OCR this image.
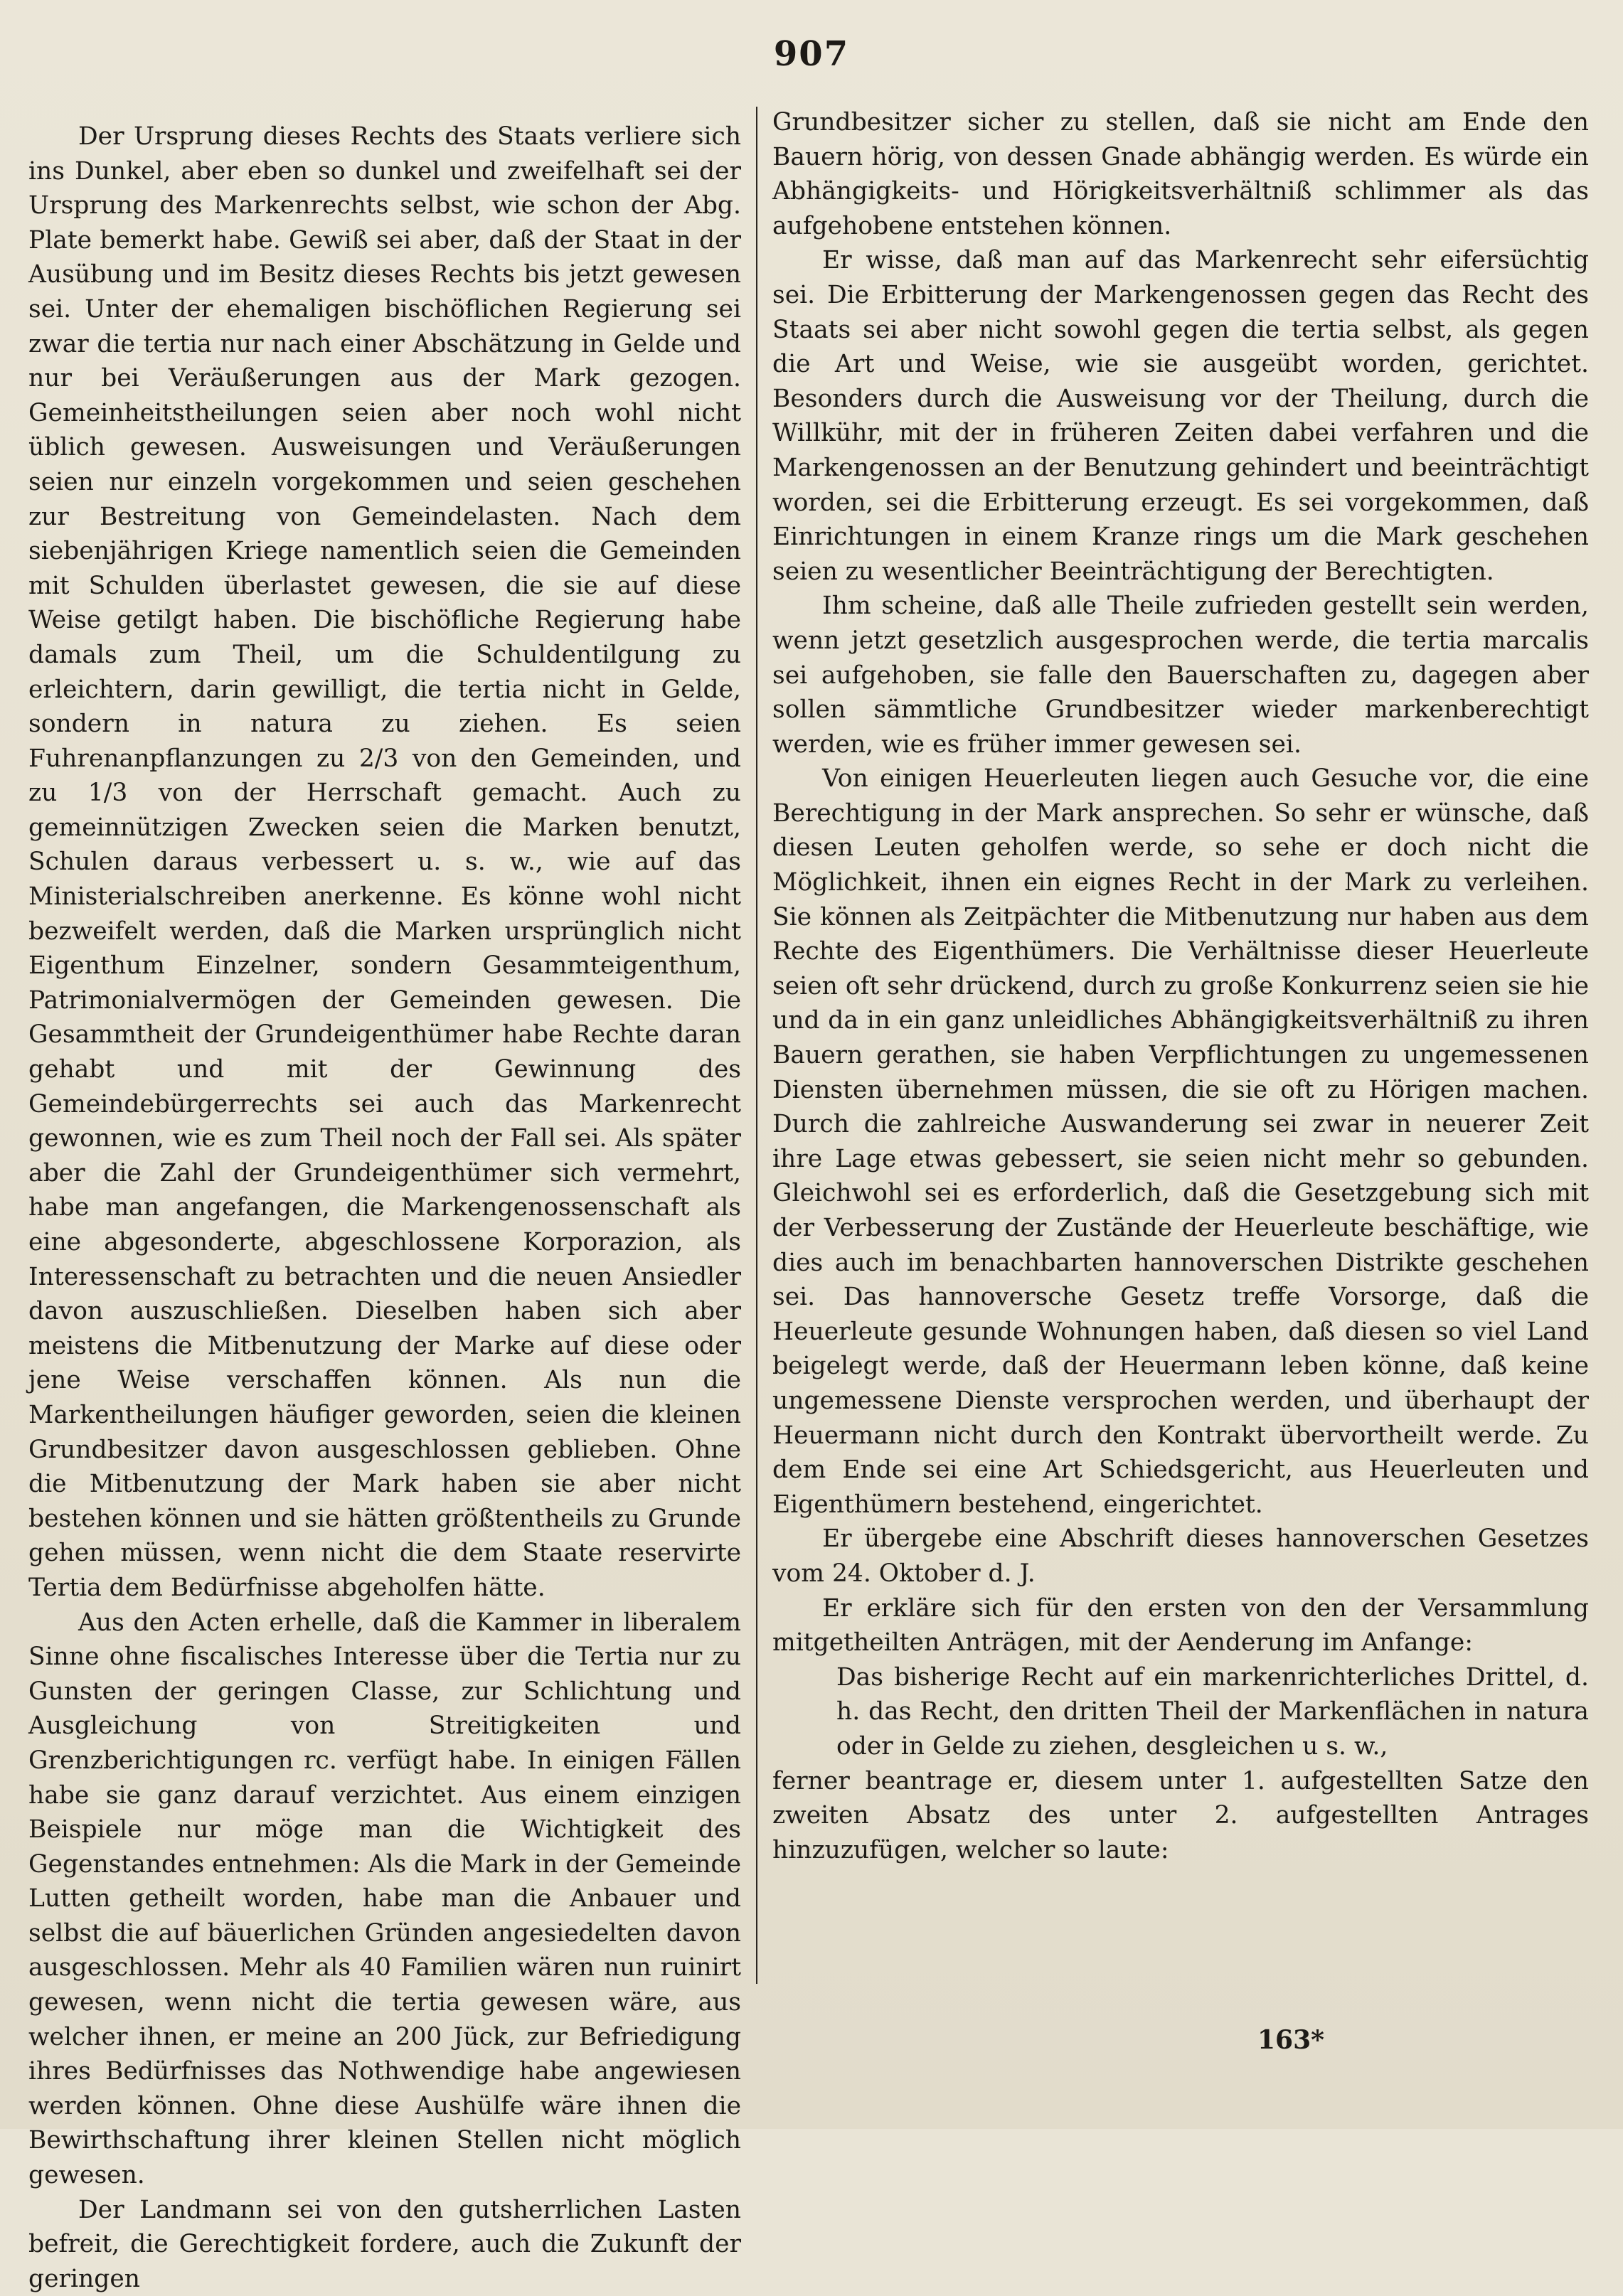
907

Der Ursprung dieses Rechts des Staats verliere sich ins Dunkel, aber eben so dunkel und zweifelhaft sei der Ursprung des Markenrechts selbst, wie schon der Abg. Plate bemerkt habe. Gewiß sei aber, daß der Staat in der Ausübung und im Besitz dieses Rechts bis jetzt gewesen sei. Unter der ehemaligen bischöflichen Regierung sei zwar die tertia nur nach einer Abschätzung in Gelde und nur bei Veräußerungen aus der Mark gezogen. Gemeinheitstheilungen seien aber noch wohl nicht üblich gewesen. Ausweisungen und Veräußerungen seien nur einzeln vorgekommen und seien geschehen zur Bestreitung von Gemeindelasten. Nach dem siebenjährigen Kriege namentlich seien die Gemeinden mit Schulden überlastet gewesen, die sie auf diese Weise getilgt haben. Die bischöfliche Regierung habe damals zum Theil, um die Schuldentilgung zu erleichtern, darin gewilligt, die tertia nicht in Gelde, sondern in natura zu ziehen. Es seien Fuhrenanpflanzungen zu 2/3 von den Gemeinden, und zu 1/3 von der Herrschaft gemacht. Auch zu gemeinnützigen Zwecken seien die Marken benutzt, Schulen daraus verbessert u. s. w., wie auf das Ministerialschreiben anerkenne. Es könne wohl nicht bezweifelt werden, daß die Marken ursprünglich nicht Eigenthum Einzelner, sondern Gesammteigenthum, Patrimonialvermögen der Gemeinden gewesen. Die Gesammtheit der Grundeigenthümer habe Rechte daran gehabt und mit der Gewinnung des Gemeindebürgerrechts sei auch das Markenrecht gewonnen, wie es zum Theil noch der Fall sei. Als später aber die Zahl der Grundeigenthümer sich vermehrt, habe man angefangen, die Markengenossenschaft als eine abgesonderte, abgeschlossene Korporazion, als Interessenschaft zu betrachten und die neuen Ansiedler davon auszuschließen. Dieselben haben sich aber meistens die Mitbenutzung der Marke auf diese oder jene Weise verschaffen können. Als nun die Markentheilungen häufiger geworden, seien die kleinen Grundbesitzer davon ausgeschlossen geblieben. Ohne die Mitbenutzung der Mark haben sie aber nicht bestehen können und sie hätten größtentheils zu Grunde gehen müssen, wenn nicht die dem Staate reservirte Tertia dem Bedürfnisse abgeholfen hätte.

Aus den Acten erhelle, daß die Kammer in liberalem Sinne ohne fiscalisches Interesse über die Tertia nur zu Gunsten der geringen Classe, zur Schlichtung und Ausgleichung von Streitigkeiten und Grenzberichtigungen rc. verfügt habe. In einigen Fällen habe sie ganz darauf verzichtet. Aus einem einzigen Beispiele nur möge man die Wichtigkeit des Gegenstandes entnehmen: Als die Mark in der Gemeinde Lutten getheilt worden, habe man die Anbauer und selbst die auf bäuerlichen Gründen angesiedelten davon ausgeschlossen. Mehr als 40 Familien wären nun ruinirt gewesen, wenn nicht die tertia gewesen wäre, aus welcher ihnen, er meine an 200 Jück, zur Befriedigung ihres Bedürfnisses das Nothwendige habe angewiesen werden können. Ohne diese Aushülfe wäre ihnen die Bewirthschaftung ihrer kleinen Stellen nicht möglich gewesen.

Der Landmann sei von den gutsherrlichen Lasten befreit, die Gerechtigkeit fordere, auch die Zukunft der geringen

Grundbesitzer sicher zu stellen, daß sie nicht am Ende den Bauern hörig, von dessen Gnade abhängig werden. Es würde ein Abhängigkeits- und Hörigkeitsverhältniß schlimmer als das aufgehobene entstehen können.

Er wisse, daß man auf das Markenrecht sehr eifersüchtig sei. Die Erbitterung der Markengenossen gegen das Recht des Staats sei aber nicht sowohl gegen die tertia selbst, als gegen die Art und Weise, wie sie ausgeübt worden, gerichtet. Besonders durch die Ausweisung vor der Theilung, durch die Willkühr, mit der in früheren Zeiten dabei verfahren und die Markengenossen an der Benutzung gehindert und beeinträchtigt worden, sei die Erbitterung erzeugt. Es sei vorgekommen, daß Einrichtungen in einem Kranze rings um die Mark geschehen seien zu wesentlicher Beeinträchtigung der Berechtigten.

Ihm scheine, daß alle Theile zufrieden gestellt sein werden, wenn jetzt gesetzlich ausgesprochen werde, die tertia marcalis sei aufgehoben, sie falle den Bauerschaften zu, dagegen aber sollen sämmtliche Grundbesitzer wieder markenberechtigt werden, wie es früher immer gewesen sei.

Von einigen Heuerleuten liegen auch Gesuche vor, die eine Berechtigung in der Mark ansprechen. So sehr er wünsche, daß diesen Leuten geholfen werde, so sehe er doch nicht die Möglichkeit, ihnen ein eignes Recht in der Mark zu verleihen. Sie können als Zeitpächter die Mitbenutzung nur haben aus dem Rechte des Eigenthümers. Die Verhältnisse dieser Heuerleute seien oft sehr drückend, durch zu große Konkurrenz seien sie hie und da in ein ganz unleidliches Abhängigkeitsverhältniß zu ihren Bauern gerathen, sie haben Verpflichtungen zu ungemessenen Diensten übernehmen müssen, die sie oft zu Hörigen machen. Durch die zahlreiche Auswanderung sei zwar in neuerer Zeit ihre Lage etwas gebessert, sie seien nicht mehr so gebunden. Gleichwohl sei es erforderlich, daß die Gesetzgebung sich mit der Verbesserung der Zustände der Heuerleute beschäftige, wie dies auch im benachbarten hannoverschen Distrikte geschehen sei. Das hannoversche Gesetz treffe Vorsorge, daß die Heuerleute gesunde Wohnungen haben, daß diesen so viel Land beigelegt werde, daß der Heuermann leben könne, daß keine ungemessene Dienste versprochen werden, und überhaupt der Heuermann nicht durch den Kontrakt übervortheilt werde. Zu dem Ende sei eine Art Schiedsgericht, aus Heuerleuten und Eigenthümern bestehend, eingerichtet.

Er übergebe eine Abschrift dieses hannoverschen Gesetzes vom 24. Oktober d. J.

Er erkläre sich für den ersten von den der Versammlung mitgetheilten Anträgen, mit der Aenderung im Anfange:

Das bisherige Recht auf ein markenrichterliches Drittel, d. h. das Recht, den dritten Theil der Markenflächen in natura oder in Gelde zu ziehen, desgleichen u s. w.,

ferner beantrage er, diesem unter 1. aufgestellten Satze den zweiten Absatz des unter 2. aufgestellten Antrages hinzuzufügen, welcher so laute:

163*
